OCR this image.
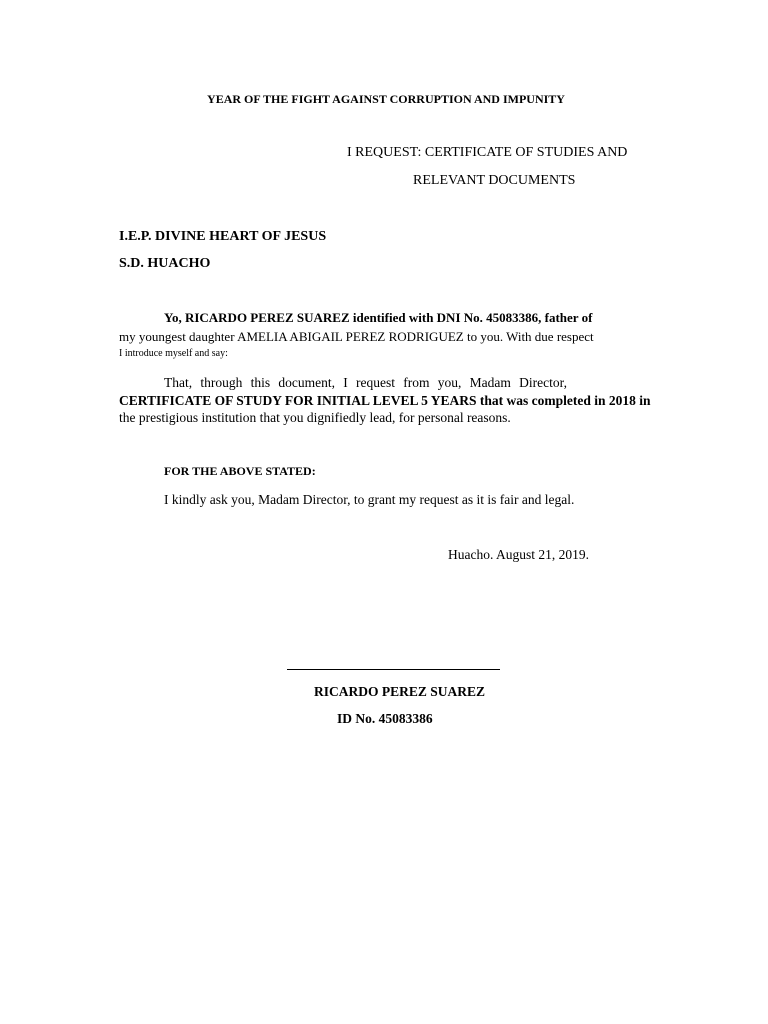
YEAR OF THE FIGHT AGAINST CORRUPTION AND IMPUNITY
I REQUEST: CERTIFICATE OF STUDIES AND
RELEVANT DOCUMENTS
I.E.P. DIVINE HEART OF JESUS
S.D. HUACHO
Yo, RICARDO PEREZ SUAREZ identified with DNI No. 45083386, father of
my youngest daughter AMELIA ABIGAIL PEREZ RODRIGUEZ to you. With due respect
I introduce myself and say:
That, through this document, I request from you, Madam Director,
CERTIFICATE OF STUDY FOR INITIAL LEVEL 5 YEARS that was completed in 2018 in
the prestigious institution that you dignifiedly lead, for personal reasons.
FOR THE ABOVE STATED:
I kindly ask you, Madam Director, to grant my request as it is fair and legal.
Huacho. August 21, 2019.
RICARDO PEREZ SUAREZ
ID No. 45083386
